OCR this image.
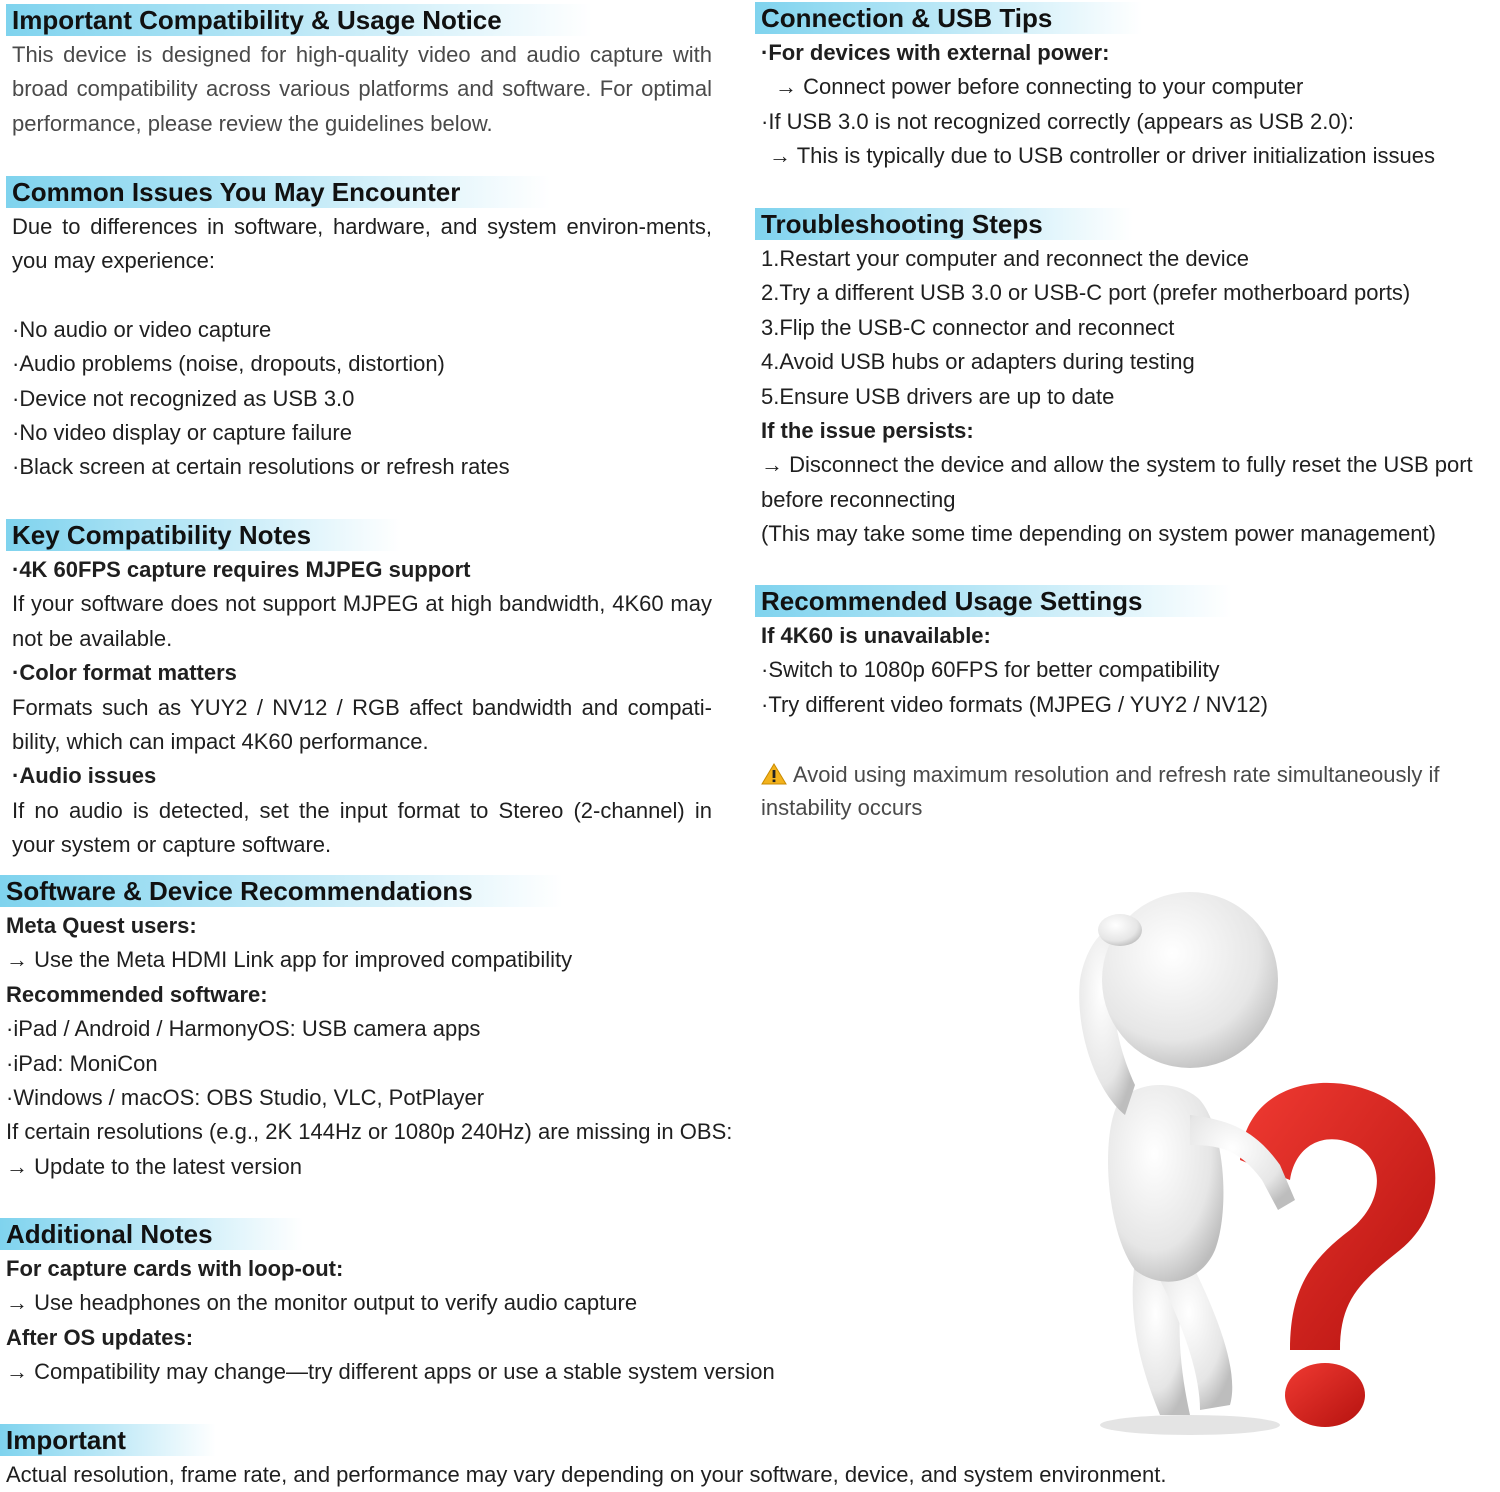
Important Compatibility & Usage Notice

This device is designed for high-quality video and audio capture with broad compatibility across various platforms and software. For optimal performance, please review the guidelines below.

Common Issues You May Encounter

Due to differences in software, hardware, and system environ-ments, you may experience:

·No audio or video capture

·Audio problems (noise, dropouts, distortion)

·Device not recognized as USB 3.0

·No video display or capture failure

·Black screen at certain resolutions or refresh rates

Key Compatibility Notes

·4K 60FPS capture requires MJPEG support

If your software does not support MJPEG at high bandwidth, 4K60 may not be available.

·Color format matters

Formats such as YUY2 / NV12 / RGB affect bandwidth and compati-bility, which can impact 4K60 performance.

·Audio issues

If no audio is detected, set the input format to Stereo (2-channel) in your system or capture software.

Software & Device Recommendations

Meta Quest users:

→ Use the Meta HDMI Link app for improved compatibility

Recommended software:

·iPad / Android / HarmonyOS: USB camera apps

·iPad: MoniCon

·Windows / macOS: OBS Studio, VLC, PotPlayer

If certain resolutions (e.g., 2K 144Hz or 1080p 240Hz) are missing in OBS:

→ Update to the latest version

Additional Notes

For capture cards with loop-out:

→ Use headphones on the monitor output to verify audio capture

After OS updates:

→ Compatibility may change—try different apps or use a stable system version

Important

Actual resolution, frame rate, and performance may vary depending on your software, device, and system environment.

Connection & USB Tips

·For devices with external power:

→ Connect power before connecting to your computer

·If USB 3.0 is not recognized correctly (appears as USB 2.0):

→ This is typically due to USB controller or driver initialization issues

Troubleshooting Steps

1.Restart your computer and reconnect the device

2.Try a different USB 3.0 or USB-C port (prefer motherboard ports)

3.Flip the USB-C connector and reconnect

4.Avoid USB hubs or adapters during testing

5.Ensure USB drivers are up to date

If the issue persists:

→ Disconnect the device and allow the system to fully reset the USB port

before reconnecting

(This may take some time depending on system power management)

Recommended Usage Settings

If 4K60 is unavailable:

·Switch to 1080p 60FPS for better compatibility

·Try different video formats (MJPEG / YUY2 / NV12)

Avoid using maximum resolution and refresh rate simultaneously if instability occurs
